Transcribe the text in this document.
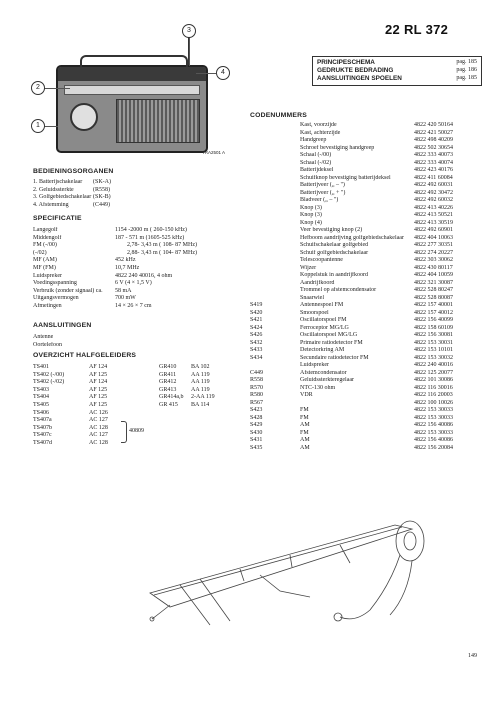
22 RL 372
PRINCIPESCHEMA	pag. 185
GEDRUKTE BEDRADING	pag. 186
AANSLUITINGEN SPOELEN	pag. 185
3
4
2
1
TRA2501 A
BEDIENINGSORGANEN
1. Batterijschakelaar	(SK-A)
2. Geluidssterkte	(R558)
3. Golfgebiedschakelaar (SK-B)
4. Afstemming	(C449)
SPECIFICATIE
Langegolf	1154 -2000 m ( 260-150 kHz)
Middengolf	187 - 571 m (1605-525 kHz)
FM (-/00)	2,78- 3,43 m ( 108- 87 MHz)
(-/02)	2,88- 3,43 m ( 104- 87 MHz)
MF (AM)	452 kHz
MF (FM)	10,7 MHz
Luidspreker	4822 240 40016, 4 ohm
Voedingsspanning	6 V (4 × 1,5 V)
Verbruik (zonder signaal) ca.	58 mA
Uitgangsvermogen	700 mW
Afmetingen	14 × 26 × 7 cm
AANSLUITINGEN
Antenne
Oortelefoon
OVERZICHT HALFGELEIDERS
TS401	AF 124	GR410	BA 102
TS402 (-/00)	AF 125	GR411	AA 119
TS402 (-/02)	AF 124	GR412	AA 119
TS403	AF 125	GR413	AA 119
TS404	AF 125	GR414a,b	2-AA 119
TS405	AF 125	GR 415	BA 114
TS406	AC 126
TS407a	AC 127
TS407b	AC 128
TS407c	AC 127
TS407d	AC 128
40809
CODENUMMERS
Kast, voorzijde	4822 420 50164
Kast, achterzijde	4822 421 50027
Handgreep	4822 498 40209
Schroef bevestiging handgreep	4822 502 30654
Schaal (-/00)	4822 333 40073
Schaal (-/02)	4822 333 40074
Batterijdeksel	4822 423 40176
Schuifknop bevestiging batterijdeksel	4822 411 60084
Batterijveer („ – ")	4822 492 60031
Batterijveer („ + ")	4822 492 30472
Bladveer („ – ")	4822 492 60032
Knop (3)	4822 413 40226
Knop (3)	4822 413 50521
Knop (4)	4822 413 30519
Veer bevestiging knop (2)	4822 492 60901
Hefboom aandrijving golfgebiedschakelaar	4822 404 10063
Schuifschakelaar golfgebied	4822 277 30351
Schuif golfgebiedschakelaar	4822 274 20227
Telescoopantenne	4822 303 30062
Wijzer	4822 430 80117
Koppelstuk in aandrijfkoord	4822 404 10059
Aandrijfkoord	4822 321 30087
Trommel op afstemcondensator	4822 528 80247
Snaarwiel	4822 528 80087
S419	Antennespoel FM	4822 157 40001
S420	Smoorspoel	4822 157 40012
S421	Oscillatorspoel FM	4822 156 40099
S424	Ferroceptor MG/LG	4822 158 60109
S426	Oscillatorspoel MG/LG	4822 156 30081
S432	Primaire ratiodetector FM	4822 153 30031
S433	Detectorkring AM	4822 153 10101
S434	Secundaire ratiodetector FM	4822 153 30032
Luidspreker	4822 240 40016
C449	Afstemcondensator	4822 125 20077
R558	Geluidssterkteregelaar	4822 101 30086
R570	NTC-130 ohm	4822 116 30016
R580	VDR	4822 116 20003
R567	4822 100 10026
S423	FM	4822 153 30033
S428	FM	4822 153 30033
S429	AM	4822 156 40086
S430	FM	4822 153 30033
S431	AM	4822 156 40086
S435	AM	4822 156 20084
149
